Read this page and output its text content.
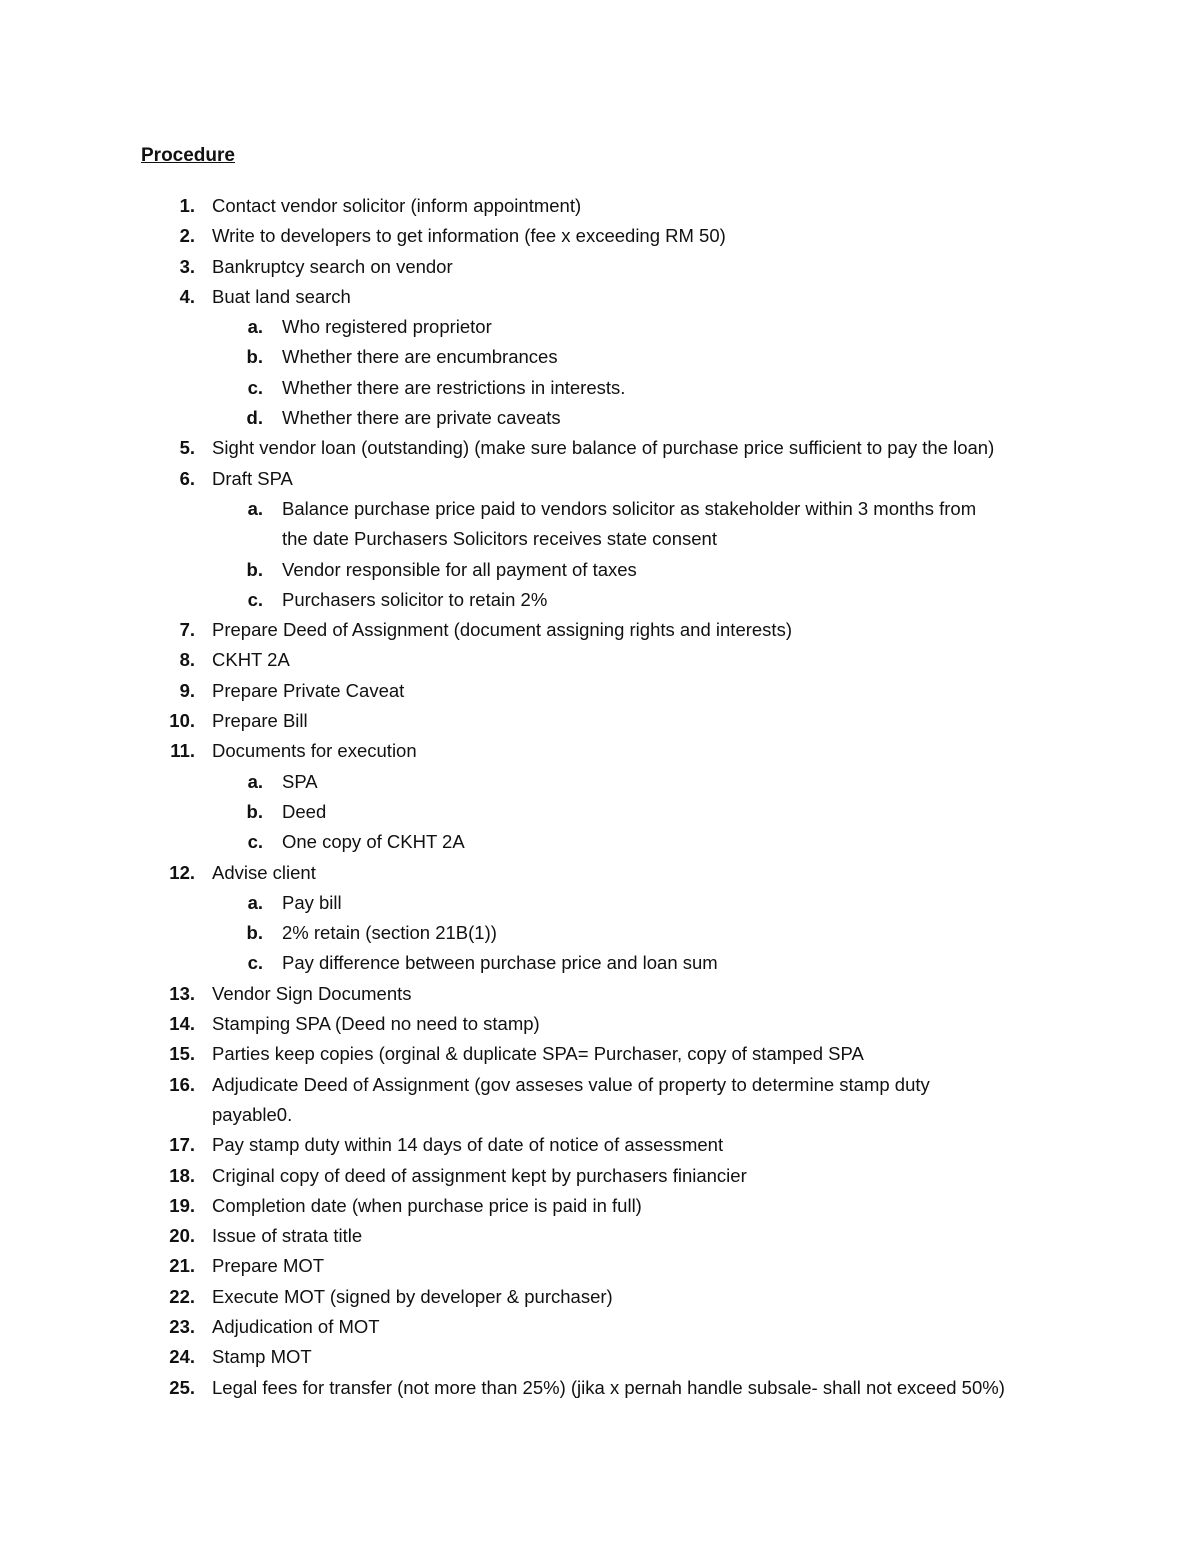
Procedure
1. Contact vendor solicitor (inform appointment)
2. Write to developers to get information (fee x exceeding RM 50)
3. Bankruptcy search on vendor
4. Buat land search
a. Who registered proprietor
b. Whether there are encumbrances
c. Whether there are restrictions in interests.
d. Whether there are private caveats
5. Sight vendor loan (outstanding) (make sure balance of purchase price sufficient to pay the loan)
6. Draft SPA
a. Balance purchase price paid to vendors solicitor as stakeholder within 3 months from
the date Purchasers Solicitors receives state consent
b. Vendor responsible for all payment of taxes
c. Purchasers solicitor to retain 2%
7. Prepare Deed of Assignment (document assigning rights and interests)
8. CKHT 2A
9. Prepare Private Caveat
10. Prepare Bill
11. Documents for execution
a. SPA
b. Deed
c. One copy of CKHT 2A
12. Advise client
a. Pay bill
b. 2% retain (section 21B(1))
c. Pay difference between purchase price and loan sum
13. Vendor Sign Documents
14. Stamping SPA (Deed no need to stamp)
15. Parties keep copies (orginal & duplicate SPA= Purchaser, copy of stamped SPA
16. Adjudicate Deed of Assignment (gov asseses value of property to determine stamp duty
payable0.
17. Pay stamp duty within 14 days of date of notice of assessment
18. Criginal copy of deed of assignment kept by purchasers finiancier
19. Completion date (when purchase price is paid in full)
20. Issue of strata title
21. Prepare MOT
22. Execute MOT (signed by developer & purchaser)
23. Adjudication of MOT
24. Stamp MOT
25. Legal fees for transfer (not more than 25%) (jika x pernah handle subsale- shall not exceed 50%)
